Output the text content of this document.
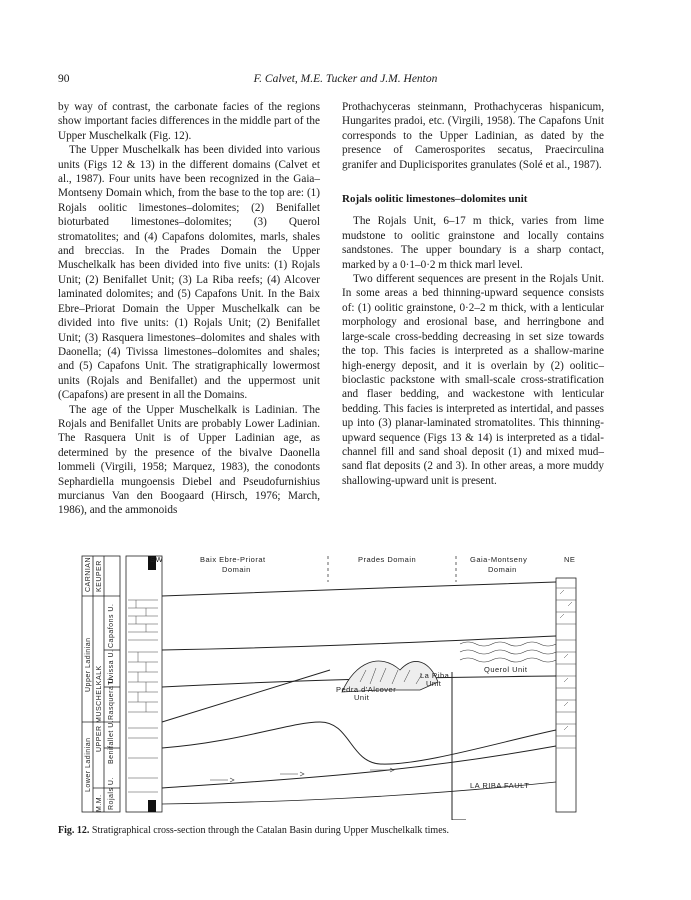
90	F. Calvet, M.E. Tucker and J.M. Henton

by way of contrast, the carbonate facies of the regions show important facies differences in the middle part of the Upper Muschelkalk (Fig. 12).

The Upper Muschelkalk has been divided into various units (Figs 12 & 13) in the different domains (Calvet et al., 1987). Four units have been recognized in the Gaia–Montseny Domain which, from the base to the top are: (1) Rojals oolitic limestones–dolomites; (2) Benifallet bioturbated limestones–dolomites; (3) Querol stromatolites; and (4) Capafons dolomites, marls, shales and breccias. In the Prades Domain the Upper Muschelkalk has been divided into five units: (1) Rojals Unit; (2) Benifallet Unit; (3) La Riba reefs; (4) Alcover laminated dolomites; and (5) Capafons Unit. In the Baix Ebre–Priorat Domain the Upper Muschelkalk can be divided into five units: (1) Rojals Unit; (2) Benifallet Unit; (3) Rasquera limestones–dolomites and shales with Daonella; (4) Tivissa limestones–dolomites and shales; and (5) Capafons Unit. The stratigraphically lowermost units (Rojals and Benifallet) and the uppermost unit (Capafons) are present in all the Domains.

The age of the Upper Muschelkalk is Ladinian. The Rojals and Benifallet Units are probably Lower Ladinian. The Rasquera Unit is of Upper Ladinian age, as determined by the presence of the bivalve Daonella lommeli (Virgili, 1958; Marquez, 1983), the conodonts Sephardiella mungoensis Diebel and Pseudofurnishius murcianus Van den Boogaard (Hirsch, 1976; March, 1986), and the ammonoids

Prothachyceras steinmann, Prothachyceras hispanicum, Hungarites pradoi, etc. (Virgili, 1958). The Capafons Unit corresponds to the Upper Ladinian, as dated by the presence of Camerosporites secatus, Praecirculina granifer and Duplicisporites granulates (Solé et al., 1987).

Rojals oolitic limestones–dolomites unit

The Rojals Unit, 6–17 m thick, varies from lime mudstone to oolitic grainstone and locally contains sandstones. The upper boundary is a sharp contact, marked by a 0·1–0·2 m thick marl level.

Two different sequences are present in the Rojals Unit. In some areas a bed thinning-upward sequence consists of: (1) oolitic grainstone, 0·2–2 m thick, with a lenticular morphology and erosional base, and herringbone and large-scale cross-bedding decreasing in set size towards the top. This facies is interpreted as a shallow-marine high-energy deposit, and it is overlain by (2) oolitic–bioclastic packstone with small-scale cross-stratification and flaser bedding, and wackestone with lenticular bedding. This facies is interpreted as intertidal, and passes up into (3) planar-laminated stromatolites. This thinning-upward sequence (Figs 13 & 14) is interpreted as a tidal-channel fill and sand shoal deposit (1) and mixed mud–sand flat deposits (2 and 3). In other areas, a more muddy shallowing-upward unit is present.

CARNIAN KEUPER
Upper Ladinian
Lower Ladinian
UPPER MUSCHELKALK
M.M.
Capafons U.
Tivissa U.
Rasquera U.
Benifallet U.
Rojals U.
SW	Baix Ebre-Priorat
Domain
Prades Domain	Gaia-Montseny
Domain
NE
LA RIBA FAULT
La Riba
Unit
Pedra d'Alcover
Unit
Querol Unit
Fig. 12. Stratigraphical cross-section through the Catalan Basin during Upper Muschelkalk times.
